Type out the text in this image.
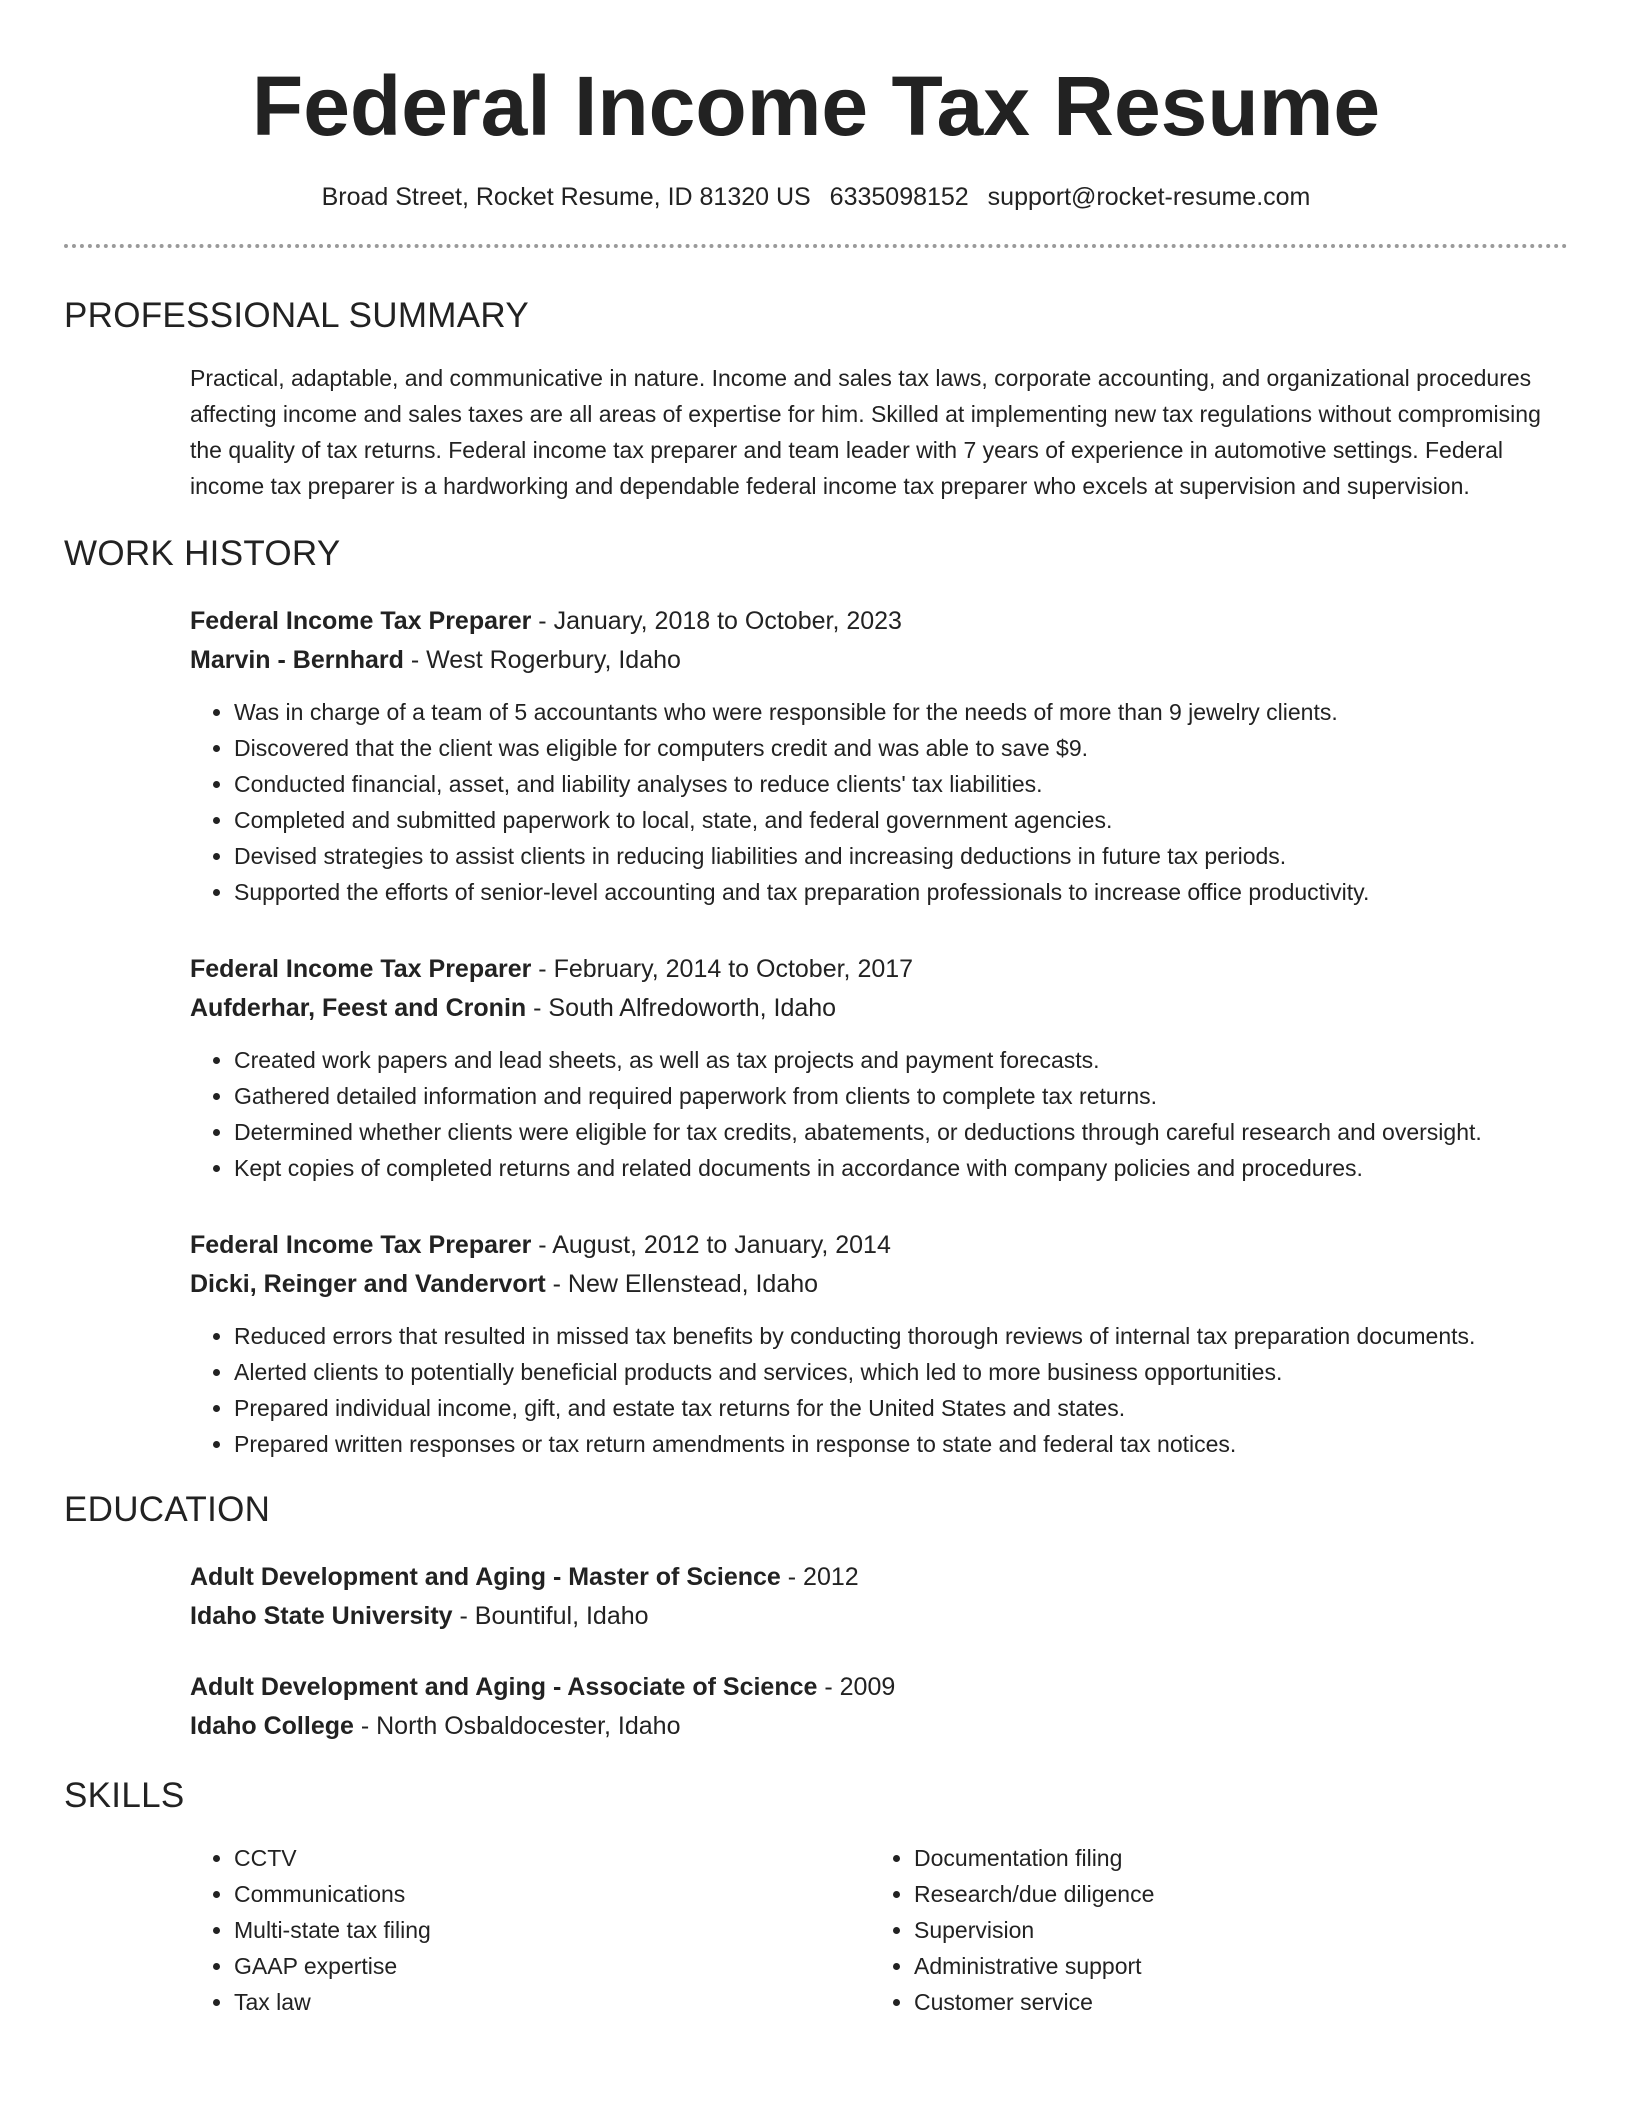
Federal Income Tax Resume
Broad Street, Rocket Resume, ID 81320 US 6335098152 support@rocket-resume.com
PROFESSIONAL SUMMARY

Practical, adaptable, and communicative in nature. Income and sales tax laws, corporate accounting, and organizational procedures affecting income and sales taxes are all areas of expertise for him. Skilled at implementing new tax regulations without compromising the quality of tax returns. Federal income tax preparer and team leader with 7 years of experience in automotive settings. Federal income tax preparer is a hardworking and dependable federal income tax preparer who excels at supervision and supervision.

WORK HISTORY
Federal Income Tax Preparer - January, 2018 to October, 2023
Marvin - Bernhard - West Rogerbury, Idaho
• Was in charge of a team of 5 accountants who were responsible for the needs of more than 9 jewelry clients.
• Discovered that the client was eligible for computers credit and was able to save $9.
• Conducted financial, asset, and liability analyses to reduce clients' tax liabilities.
• Completed and submitted paperwork to local, state, and federal government agencies.
• Devised strategies to assist clients in reducing liabilities and increasing deductions in future tax periods.
• Supported the efforts of senior-level accounting and tax preparation professionals to increase office productivity.
Federal Income Tax Preparer - February, 2014 to October, 2017
Aufderhar, Feest and Cronin - South Alfredoworth, Idaho
• Created work papers and lead sheets, as well as tax projects and payment forecasts.
• Gathered detailed information and required paperwork from clients to complete tax returns.
• Determined whether clients were eligible for tax credits, abatements, or deductions through careful research and oversight.
• Kept copies of completed returns and related documents in accordance with company policies and procedures.
Federal Income Tax Preparer - August, 2012 to January, 2014
Dicki, Reinger and Vandervort - New Ellenstead, Idaho
• Reduced errors that resulted in missed tax benefits by conducting thorough reviews of internal tax preparation documents.
• Alerted clients to potentially beneficial products and services, which led to more business opportunities.
• Prepared individual income, gift, and estate tax returns for the United States and states.
• Prepared written responses or tax return amendments in response to state and federal tax notices.
EDUCATION
Adult Development and Aging - Master of Science - 2012
Idaho State University - Bountiful, Idaho
Adult Development and Aging - Associate of Science - 2009
Idaho College - North Osbaldocester, Idaho
SKILLS
• CCTV
• Communications
• Multi-state tax filing
• GAAP expertise
• Tax law
• Documentation filing
• Research/due diligence
• Supervision
• Administrative support
• Customer service
